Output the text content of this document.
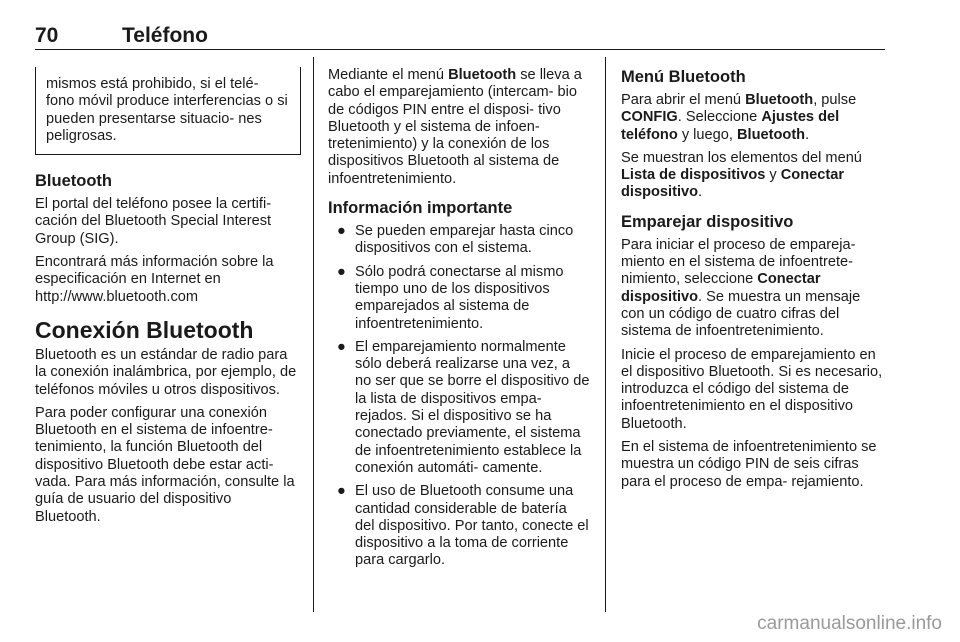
70	Teléfono
mismos está prohibido, si el telé- fono móvil produce interferencias o si pueden presentarse situacio- nes peligrosas.
Bluetooth

El portal del teléfono posee la certifi- cación del Bluetooth Special Interest Group (SIG).

Encontrará más información sobre la especificación en Internet en http://www.bluetooth.com

Conexión Bluetooth

Bluetooth es un estándar de radio para la conexión inalámbrica, por ejemplo, de teléfonos móviles u otros dispositivos.

Para poder configurar una conexión Bluetooth en el sistema de infoentre- tenimiento, la función Bluetooth del dispositivo Bluetooth debe estar acti- vada. Para más información, consulte la guía de usuario del dispositivo Bluetooth.

Mediante el menú Bluetooth se lleva a cabo el emparejamiento (intercam- bio de códigos PIN entre el disposi- tivo Bluetooth y el sistema de infoen- tretenimiento) y la conexión de los dispositivos Bluetooth al sistema de infoentretenimiento.

Información importante
● Se pueden emparejar hasta cinco dispositivos con el sistema.
● Sólo podrá conectarse al mismo tiempo uno de los dispositivos emparejados al sistema de infoentretenimiento.
● El emparejamiento normalmente sólo deberá realizarse una vez, a no ser que se borre el dispositivo de la lista de dispositivos empa- rejados. Si el dispositivo se ha conectado previamente, el sistema de infoentretenimiento establece la conexión automáti- camente.
● El uso de Bluetooth consume una cantidad considerable de batería del dispositivo. Por tanto, conecte el dispositivo a la toma de corriente para cargarlo.
Menú Bluetooth

Para abrir el menú Bluetooth, pulse CONFIG. Seleccione Ajustes del teléfono y luego, Bluetooth.

Se muestran los elementos del menú Lista de dispositivos y Conectar dispositivo.

Emparejar dispositivo

Para iniciar el proceso de empareja- miento en el sistema de infoentrete- nimiento, seleccione Conectar dispositivo. Se muestra un mensaje con un código de cuatro cifras del sistema de infoentretenimiento.

Inicie el proceso de emparejamiento en el dispositivo Bluetooth. Si es necesario, introduzca el código del sistema de infoentretenimiento en el dispositivo Bluetooth.

En el sistema de infoentretenimiento se muestra un código PIN de seis cifras para el proceso de empa- rejamiento.

carmanualsonline.info
